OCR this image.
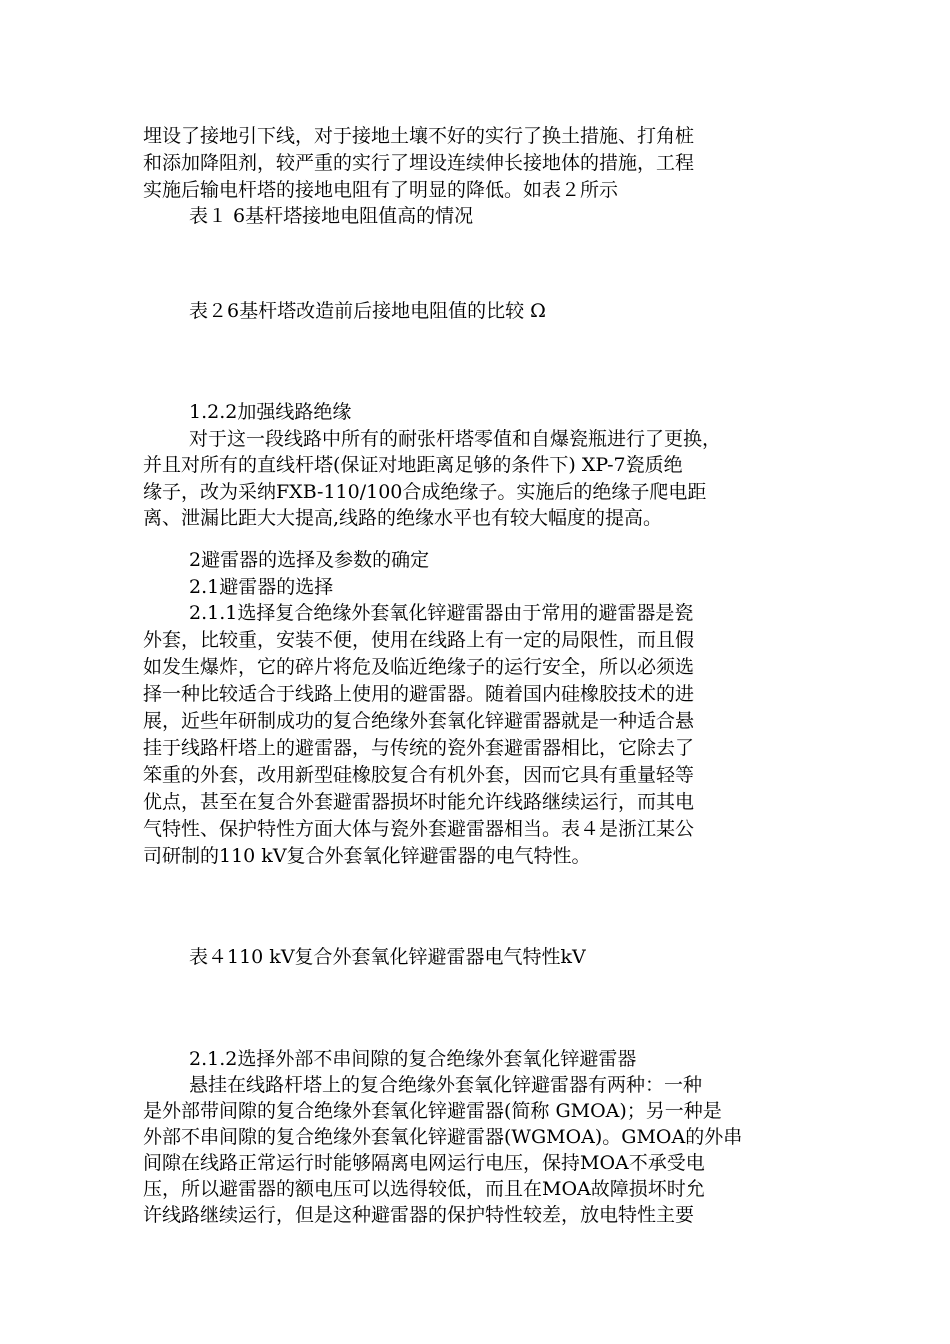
埋设了接地引下线，对于接地土壤不好的实行了换土措施、打角桩
和添加降阻剂，较严重的实行了埋设连续伸长接地体的措施，工程
实施后输电杆塔的接地电阻有了明显的降低。如表２所示
表１ 6基杆塔接地电阻值高的情况
表２6基杆塔改造前后接地电阻值的比较 Ω
1.2.2加强线路绝缘
对于这一段线路中所有的耐张杆塔零值和自爆瓷瓶进行了更换，
并且对所有的直线杆塔(保证对地距离足够的条件下) XP-7瓷质绝
缘子，改为采纳FXB-110/100合成绝缘子。实施后的绝缘子爬电距
离、泄漏比距大大提高,线路的绝缘水平也有较大幅度的提高。
2避雷器的选择及参数的确定
2.1避雷器的选择
2.1.1选择复合绝缘外套氧化锌避雷器由于常用的避雷器是瓷
外套，比较重，安装不便，使用在线路上有一定的局限性，而且假
如发生爆炸，它的碎片将危及临近绝缘子的运行安全，所以必须选
择一种比较适合于线路上使用的避雷器。随着国内硅橡胶技术的进
展，近些年研制成功的复合绝缘外套氧化锌避雷器就是一种适合悬
挂于线路杆塔上的避雷器，与传统的瓷外套避雷器相比，它除去了
笨重的外套，改用新型硅橡胶复合有机外套，因而它具有重量轻等
优点，甚至在复合外套避雷器损坏时能允许线路继续运行，而其电
气特性、保护特性方面大体与瓷外套避雷器相当。表４是浙江某公
司研制的110 kV复合外套氧化锌避雷器的电气特性。
表４110 kV复合外套氧化锌避雷器电气特性kV
2.1.2选择外部不串间隙的复合绝缘外套氧化锌避雷器
悬挂在线路杆塔上的复合绝缘外套氧化锌避雷器有两种：一种
是外部带间隙的复合绝缘外套氧化锌避雷器(简称 GMOA)；另一种是
外部不串间隙的复合绝缘外套氧化锌避雷器(WGMOA)。GMOA的外串
间隙在线路正常运行时能够隔离电网运行电压，保持MOA不承受电
压，所以避雷器的额电压可以选得较低，而且在MOA故障损坏时允
许线路继续运行，但是这种避雷器的保护特性较差，放电特性主要
